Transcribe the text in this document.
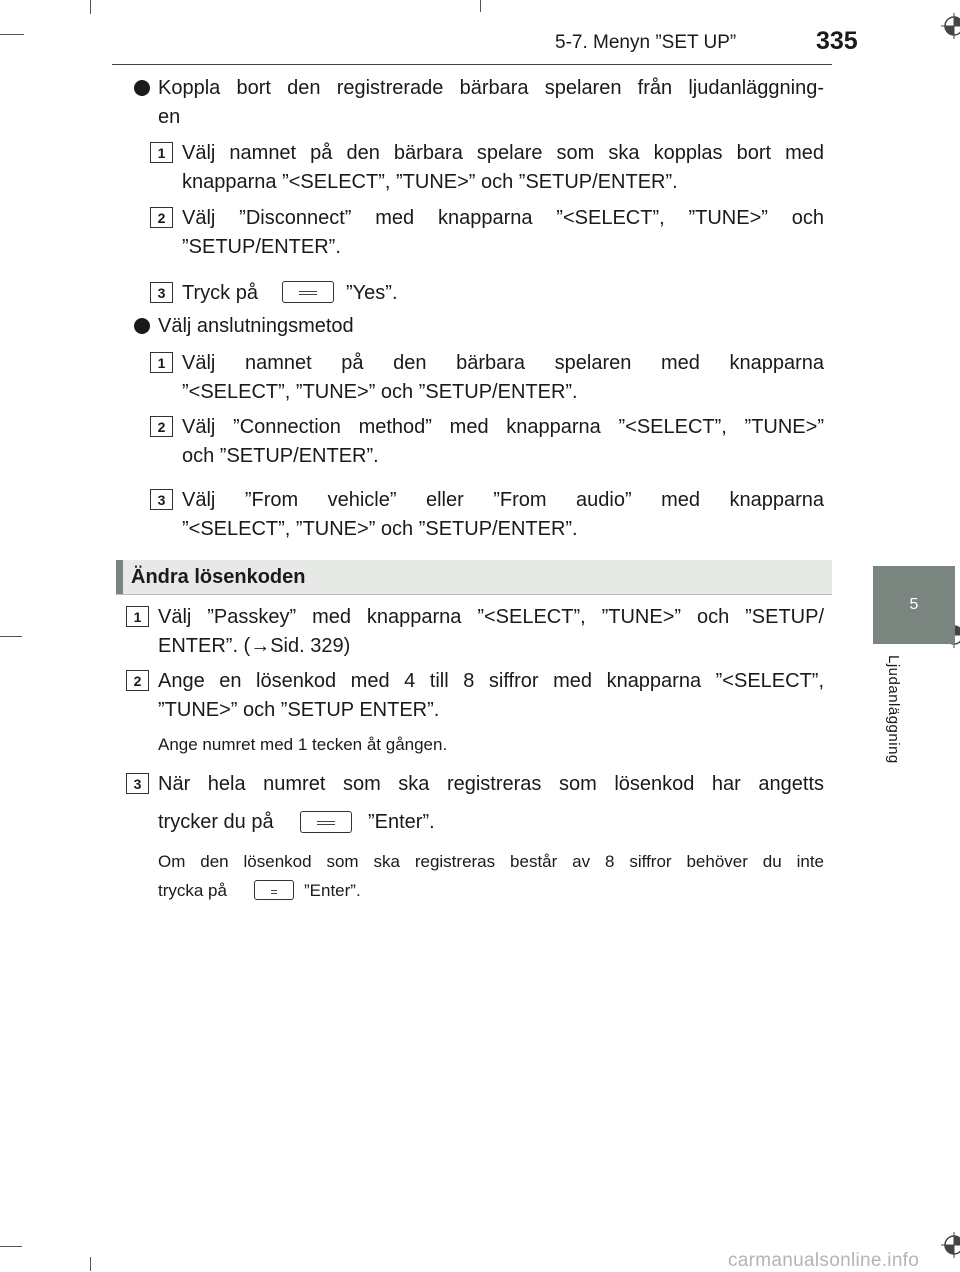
5-7. Menyn ”SET UP”	335
5
Ljudanläggning
Koppla bort den registrerade bärbara spelaren från ljudanläggning-
en
1 Välj namnet på den bärbara spelare som ska kopplas bort med
knapparna ”<SELECT”, ”TUNE>” och ”SETUP/ENTER”.
2 Välj ”Disconnect” med knapparna ”<SELECT”, ”TUNE>” och
”SETUP/ENTER”.
3 Tryck på	”Yes”.
Välj anslutningsmetod
1 Välj namnet på den bärbara spelaren med knapparna
”<SELECT”, ”TUNE>” och ”SETUP/ENTER”.
2 Välj ”Connection method” med knapparna ”<SELECT”, ”TUNE>”
och ”SETUP/ENTER”.
3 Välj ”From vehicle” eller ”From audio” med knapparna
”<SELECT”, ”TUNE>” och ”SETUP/ENTER”.
Ändra lösenkoden
1 Välj ”Passkey” med knapparna ”<SELECT”, ”TUNE>” och ”SETUP/
ENTER”. (→Sid. 329)
2 Ange en lösenkod med 4 till 8 siffror med knapparna ”<SELECT”,
”TUNE>” och ”SETUP ENTER”.
Ange numret med 1 tecken åt gången.
3 När hela numret som ska registreras som lösenkod har angetts
trycker du på	”Enter”.
Om den lösenkod som ska registreras består av 8 siffror behöver du inte
trycka på	”Enter”.
carmanualsonline.info
